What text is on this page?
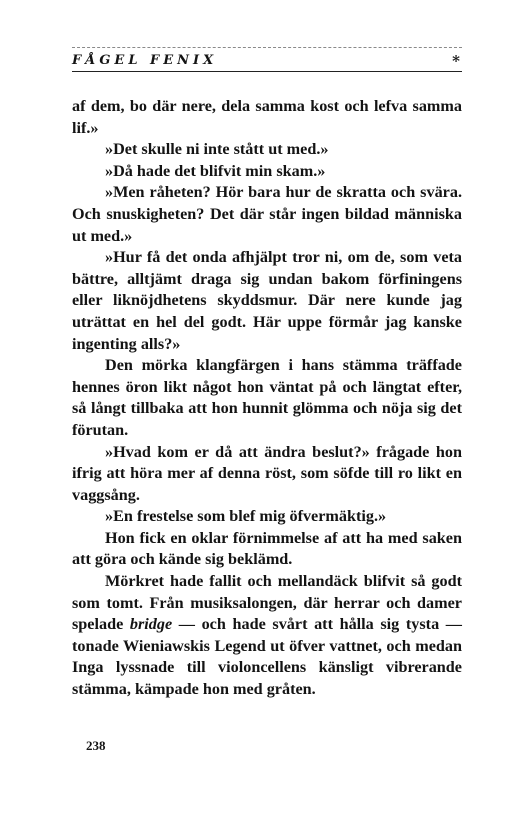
FÅGEL FENIX	*

af dem, bo där nere, dela samma kost och lefva samma lif.»

»Det skulle ni inte stått ut med.»

»Då hade det blifvit min skam.»

»Men råheten? Hör bara hur de skratta och svära. Och snuskigheten? Det där står ingen bildad människa ut med.»

»Hur få det onda afhjälpt tror ni, om de, som veta bättre, alltjämt draga sig undan bakom förfiningens eller liknöjdhetens skyddsmur. Där nere kunde jag uträttat en hel del godt. Här uppe förmår jag kanske ingenting alls?»

Den mörka klangfärgen i hans stämma träffade hennes öron likt något hon väntat på och längtat efter, så långt tillbaka att hon hunnit glömma och nöja sig det förutan.

»Hvad kom er då att ändra beslut?» frågade hon ifrig att höra mer af denna röst, som söfde till ro likt en vaggsång.

»En frestelse som blef mig öfvermäktig.»

Hon fick en oklar förnimmelse af att ha med saken att göra och kände sig beklämd.

Mörkret hade fallit och mellandäck blifvit så godt som tomt. Från musiksalongen, där herrar och damer spelade bridge — och hade svårt att hålla sig tysta — tonade Wieniawskis Legend ut öfver vattnet, och medan Inga lyssnade till violoncellens känsligt vibrerande stämma, kämpade hon med gråten.

238
